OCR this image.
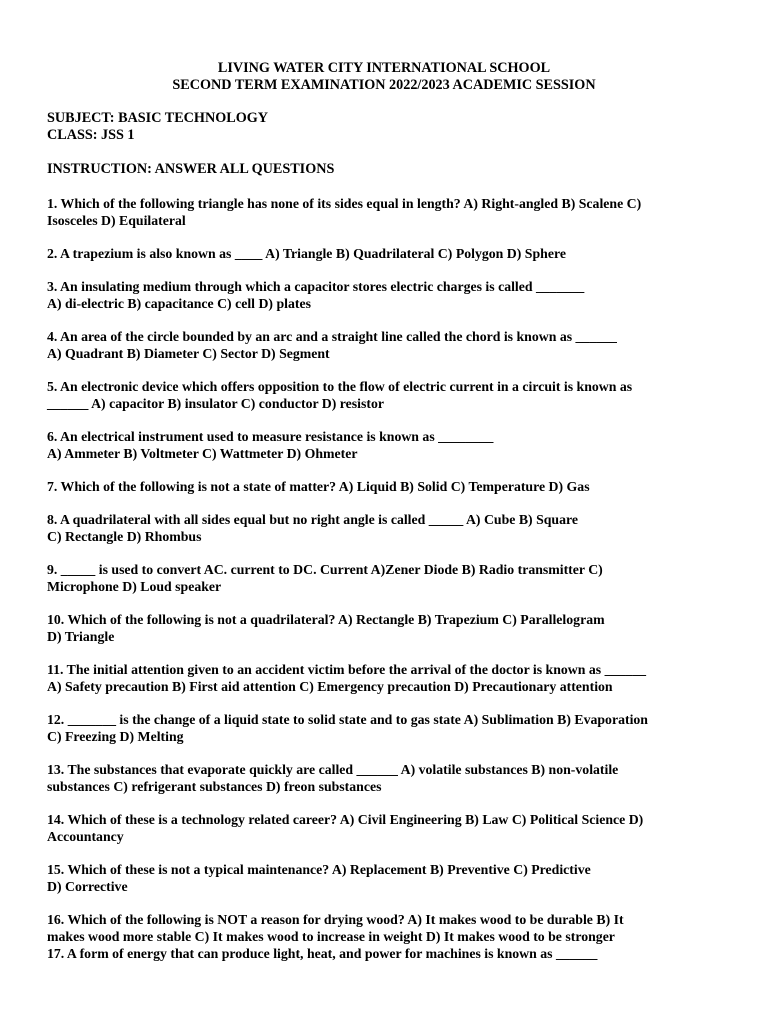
LIVING WATER CITY INTERNATIONAL SCHOOL
SECOND TERM EXAMINATION 2022/2023 ACADEMIC SESSION
SUBJECT: BASIC TECHNOLOGY
CLASS: JSS 1
INSTRUCTION: ANSWER ALL QUESTIONS
1. Which of the following triangle has none of its sides equal in length? A) Right-angled B) Scalene C)
Isosceles D) Equilateral
2. A trapezium is also known as ____ A) Triangle B) Quadrilateral C) Polygon D) Sphere
3. An insulating medium through which a capacitor stores electric charges is called _______
A) di-electric B) capacitance C) cell D) plates
4. An area of the circle bounded by an arc and a straight line called the chord is known as ______
A) Quadrant B) Diameter C) Sector D) Segment
5. An electronic device which offers opposition to the flow of electric current in a circuit is known as
______ A) capacitor B) insulator C) conductor D) resistor
6. An electrical instrument used to measure resistance is known as ________
A) Ammeter B) Voltmeter C) Wattmeter D) Ohmeter
7. Which of the following is not a state of matter? A) Liquid B) Solid C) Temperature D) Gas
8. A quadrilateral with all sides equal but no right angle is called _____ A) Cube B) Square
C) Rectangle D) Rhombus
9. _____ is used to convert AC. current to DC. Current A)Zener Diode B) Radio transmitter C)
Microphone D) Loud speaker
10. Which of the following is not a quadrilateral? A) Rectangle B) Trapezium C) Parallelogram
D) Triangle
11. The initial attention given to an accident victim before the arrival of the doctor is known as ______
A) Safety precaution B) First aid attention C) Emergency precaution D) Precautionary attention
12. _______ is the change of a liquid state to solid state and to gas state A) Sublimation B) Evaporation
C) Freezing D) Melting
13. The substances that evaporate quickly are called ______ A) volatile substances B) non-volatile
substances C) refrigerant substances D) freon substances
14. Which of these is a technology related career? A) Civil Engineering B) Law C) Political Science D)
Accountancy
15. Which of these is not a typical maintenance? A) Replacement B) Preventive C) Predictive
D) Corrective
16. Which of the following is NOT a reason for drying wood? A) It makes wood to be durable B) It
makes wood more stable C) It makes wood to increase in weight D) It makes wood to be stronger
17. A form of energy that can produce light, heat, and power for machines is known as ______
